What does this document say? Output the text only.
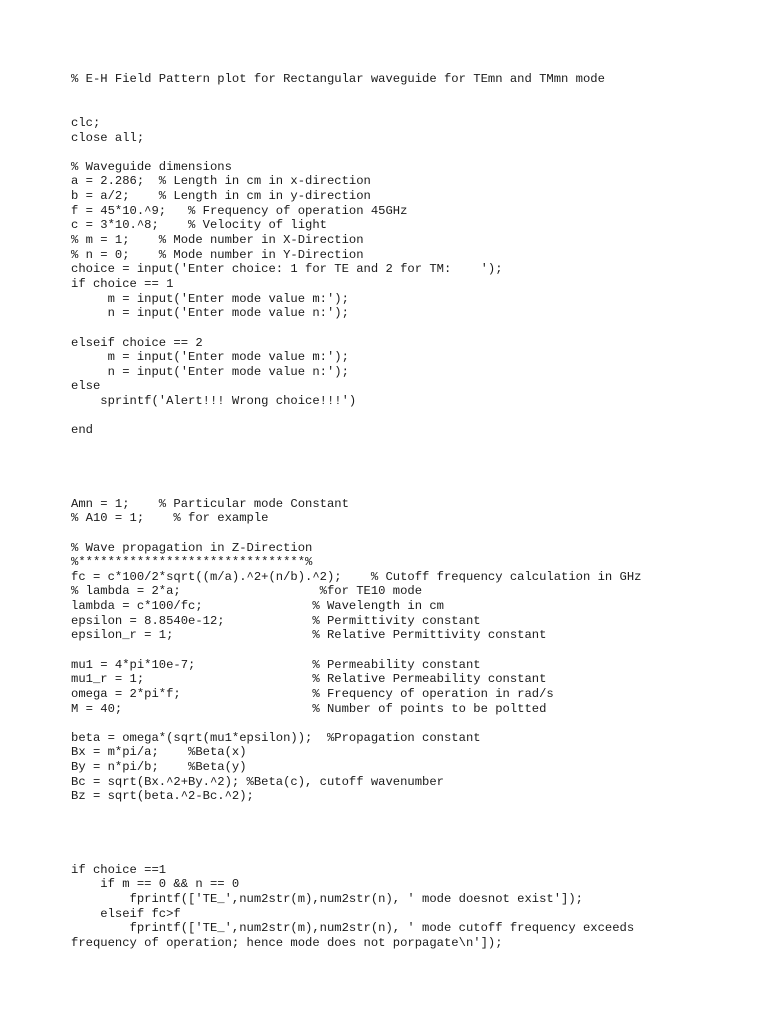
% E-H Field Pattern plot for Rectangular waveguide for TEmn and TMmn mode
clc;
close all;
% Waveguide dimensions
a = 2.286;  % Length in cm in x-direction
b = a/2;    % Length in cm in y-direction
f = 45*10.^9;   % Frequency of operation 45GHz
c = 3*10.^8;    % Velocity of light
% m = 1;    % Mode number in X-Direction
% n = 0;    % Mode number in Y-Direction
choice = input('Enter choice: 1 for TE and 2 for TM:    ');
if choice == 1
m = input('Enter mode value m:');
n = input('Enter mode value n:');
elseif choice == 2
m = input('Enter mode value m:');
n = input('Enter mode value n:');
else
sprintf('Alert!!! Wrong choice!!!')
end
Amn = 1;    % Particular mode Constant
% A10 = 1;    % for example
% Wave propagation in Z-Direction
%*******************************%
fc = c*100/2*sqrt((m/a).^2+(n/b).^2);    % Cutoff frequency calculation in GHz
% lambda = 2*a;                   %for TE10 mode
lambda = c*100/fc;               % Wavelength in cm
epsilon = 8.8540e-12;            % Permittivity constant
epsilon_r = 1;                   % Relative Permittivity constant
mu1 = 4*pi*10e-7;                % Permeability constant
mu1_r = 1;                       % Relative Permeability constant
omega = 2*pi*f;                  % Frequency of operation in rad/s
M = 40;                          % Number of points to be poltted
beta = omega*(sqrt(mu1*epsilon));  %Propagation constant
Bx = m*pi/a;    %Beta(x)
By = n*pi/b;    %Beta(y)
Bc = sqrt(Bx.^2+By.^2); %Beta(c), cutoff wavenumber
Bz = sqrt(beta.^2-Bc.^2);
if choice ==1
if m == 0 && n == 0
fprintf(['TE_',num2str(m),num2str(n), ' mode doesnot exist']);
elseif fc>f
fprintf(['TE_',num2str(m),num2str(n), ' mode cutoff frequency exceeds
frequency of operation; hence mode does not porpagate\n']);
